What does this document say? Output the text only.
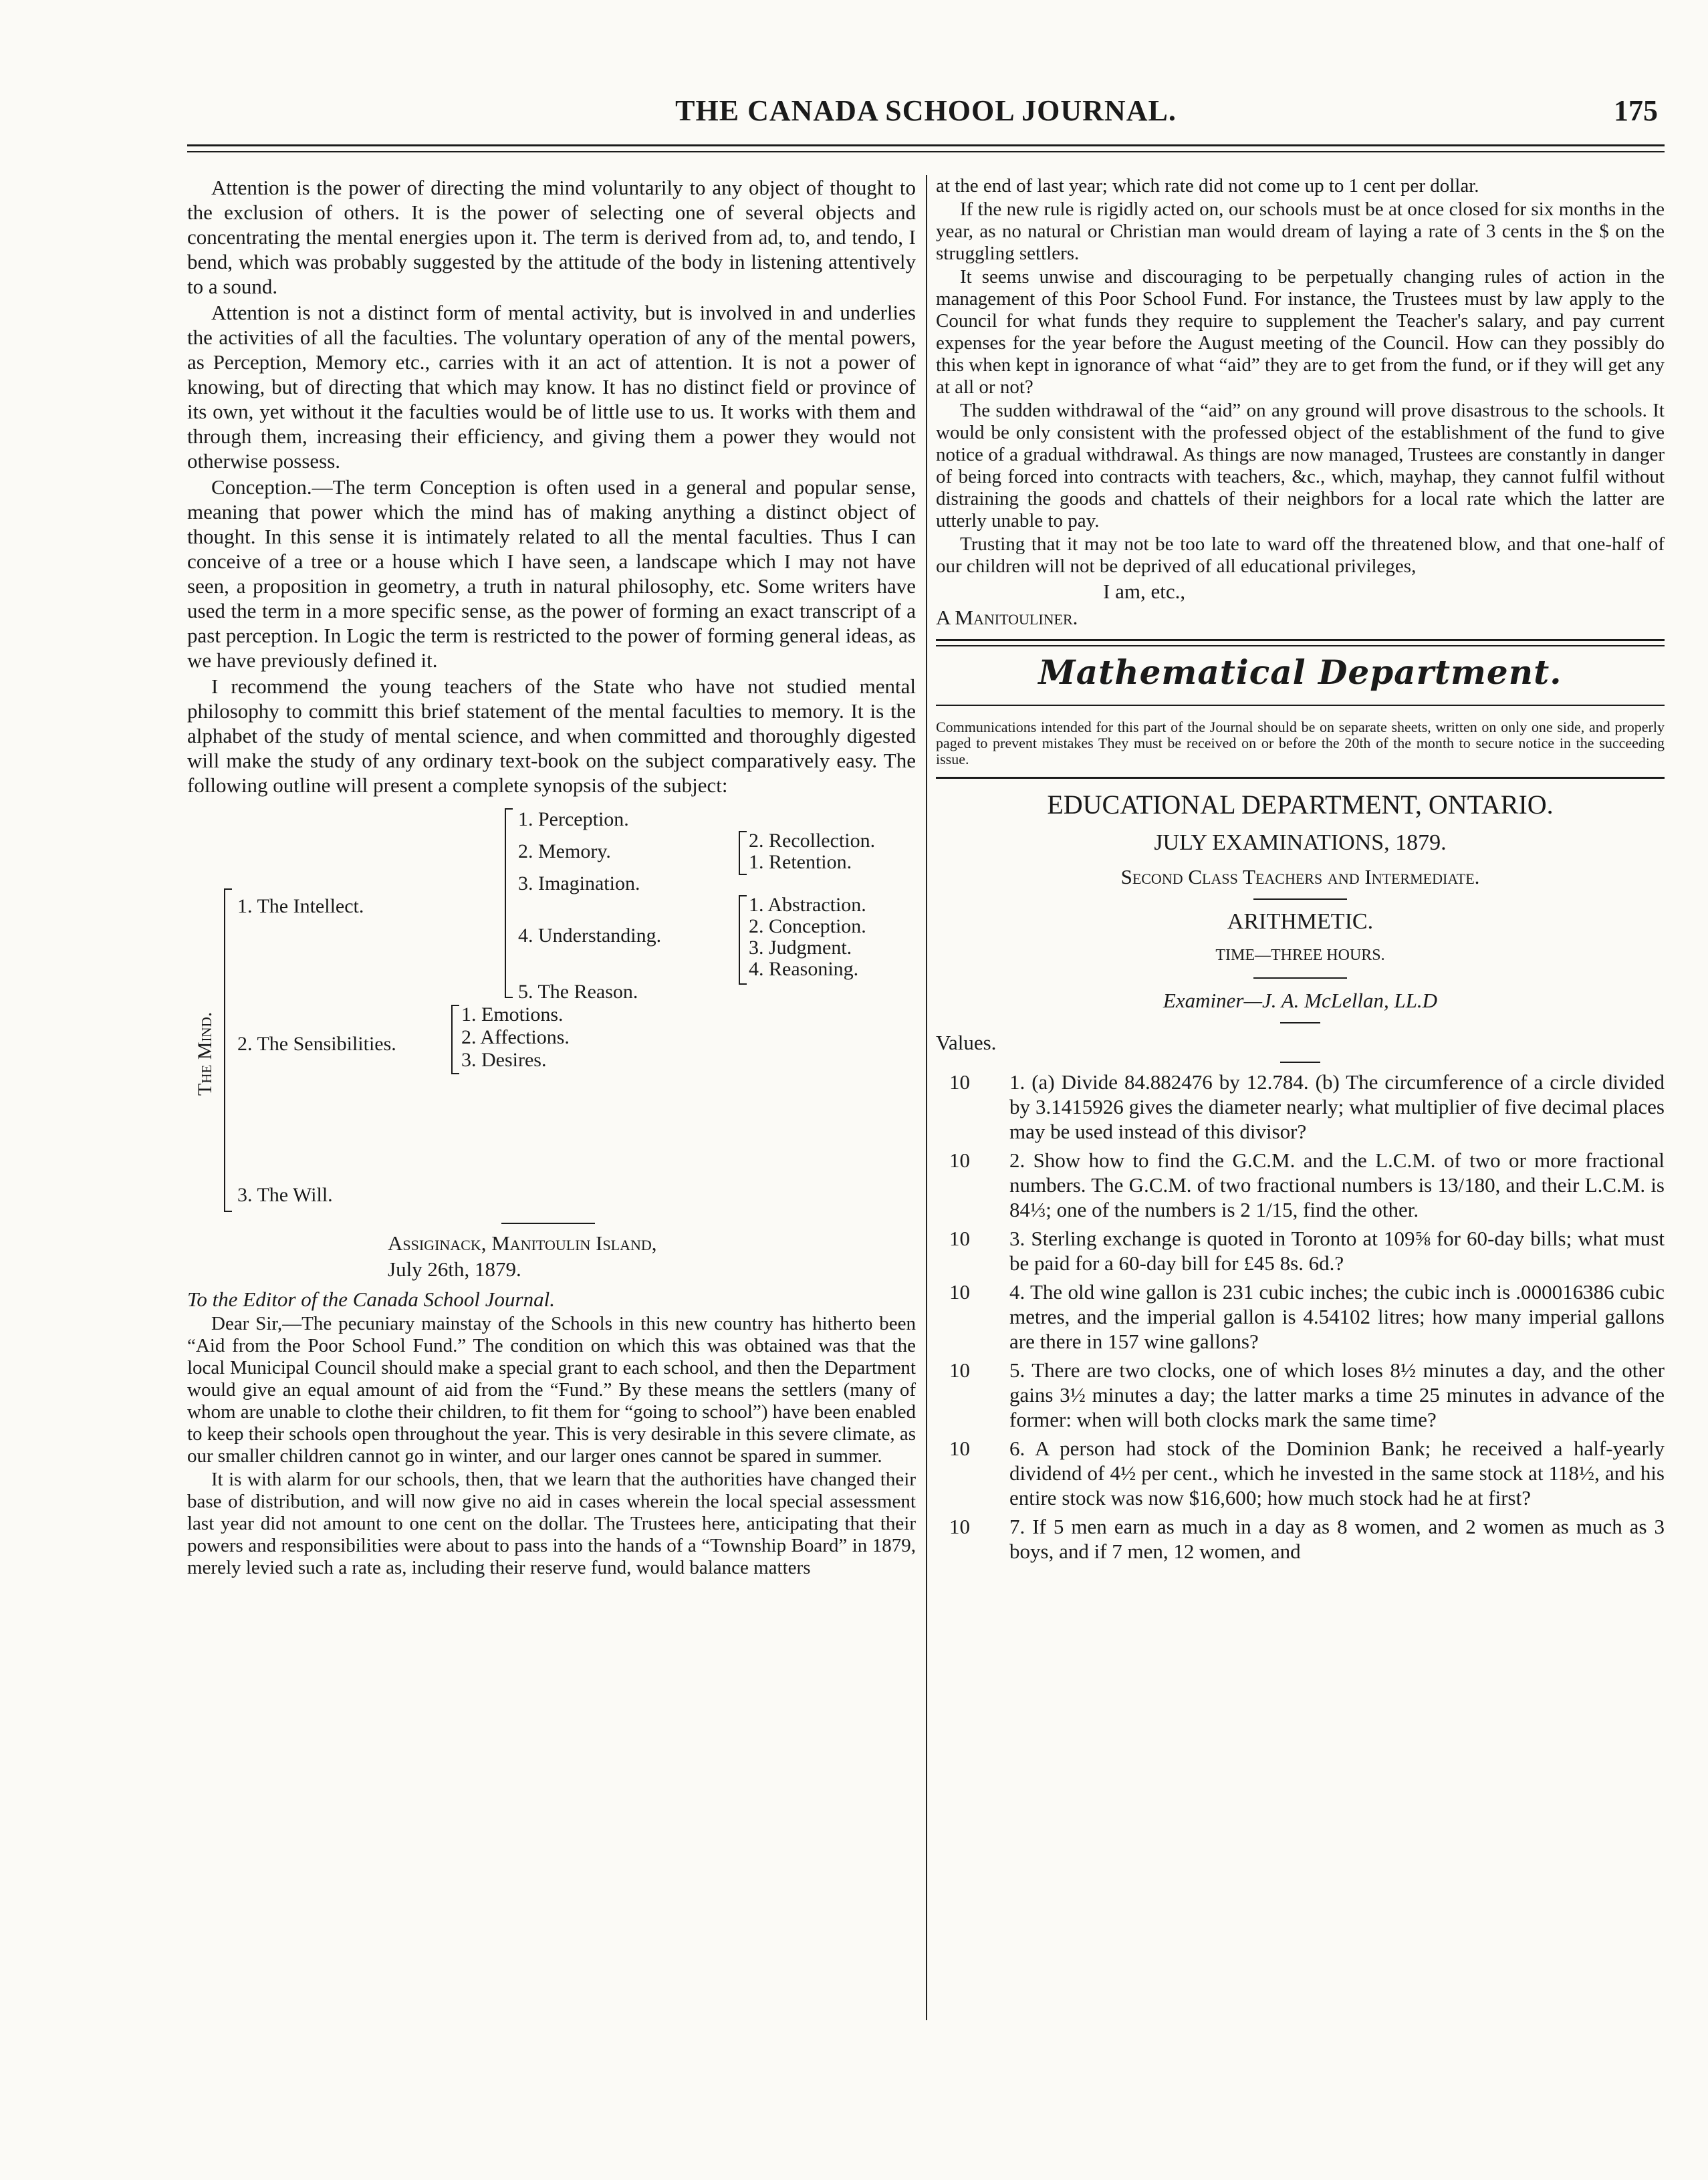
THE CANADA SCHOOL JOURNAL.	175

Attention is the power of directing the mind voluntarily to any object of thought to the exclusion of others. It is the power of selecting one of several objects and concentrating the mental energies upon it. The term is derived from ad, to, and tendo, I bend, which was probably suggested by the attitude of the body in listening attentively to a sound.

Attention is not a distinct form of mental activity, but is involved in and underlies the activities of all the faculties. The voluntary operation of any of the mental powers, as Perception, Memory etc., carries with it an act of attention. It is not a power of knowing, but of directing that which may know. It has no distinct field or province of its own, yet without it the faculties would be of little use to us. It works with them and through them, increasing their efficiency, and giving them a power they would not otherwise possess.

Conception.—The term Conception is often used in a general and popular sense, meaning that power which the mind has of making anything a distinct object of thought. In this sense it is intimately related to all the mental faculties. Thus I can conceive of a tree or a house which I have seen, a landscape which I may not have seen, a proposition in geometry, a truth in natural philosophy, etc. Some writers have used the term in a more specific sense, as the power of forming an exact transcript of a past perception. In Logic the term is restricted to the power of forming general ideas, as we have previously defined it.

I recommend the young teachers of the State who have not studied mental philosophy to committ this brief statement of the mental faculties to memory. It is the alphabet of the study of mental science, and when committed and thoroughly digested will make the study of any ordinary text-book on the subject comparatively easy. The following outline will present a complete synopsis of the subject:

The Mind.
1. The Intellect.
1. Perception.
2. Memory.	2. Recollection.
1. Retention.
3. Imagination.
4. Understanding.
1. Abstraction.
2. Conception.
3. Judgment.
4. Reasoning.
5. The Reason.
2. The Sensibilities.
1. Emotions.
2. Affections.
3. Desires.
3. The Will.

Assiginack, Manitoulin Island,

July 26th, 1879.

To the Editor of the Canada School Journal.

Dear Sir,—The pecuniary mainstay of the Schools in this new country has hitherto been “Aid from the Poor School Fund.” The condition on which this was obtained was that the local Municipal Council should make a special grant to each school, and then the Department would give an equal amount of aid from the “Fund.” By these means the settlers (many of whom are unable to clothe their children, to fit them for “going to school”) have been enabled to keep their schools open throughout the year. This is very desirable in this severe climate, as our smaller children cannot go in winter, and our larger ones cannot be spared in summer.

It is with alarm for our schools, then, that we learn that the authorities have changed their base of distribution, and will now give no aid in cases wherein the local special assessment last year did not amount to one cent on the dollar. The Trustees here, anticipating that their powers and responsibilities were about to pass into the hands of a “Township Board” in 1879, merely levied such a rate as, including their reserve fund, would balance matters

at the end of last year; which rate did not come up to 1 cent per dollar.

If the new rule is rigidly acted on, our schools must be at once closed for six months in the year, as no natural or Christian man would dream of laying a rate of 3 cents in the $ on the struggling settlers.

It seems unwise and discouraging to be perpetually changing rules of action in the management of this Poor School Fund. For instance, the Trustees must by law apply to the Council for what funds they require to supplement the Teacher's salary, and pay current expenses for the year before the August meeting of the Council. How can they possibly do this when kept in ignorance of what “aid” they are to get from the fund, or if they will get any at all or not?

The sudden withdrawal of the “aid” on any ground will prove disastrous to the schools. It would be only consistent with the professed object of the establishment of the fund to give notice of a gradual withdrawal. As things are now managed, Trustees are constantly in danger of being forced into contracts with teachers, &c., which, mayhap, they cannot fulfil without distraining the goods and chattels of their neighbors for a local rate which the latter are utterly unable to pay.

Trusting that it may not be too late to ward off the threatened blow, and that one-half of our children will not be deprived of all educational privileges,

I am, etc.,

A Manitouliner.

Mathematical Department.

Communications intended for this part of the Journal should be on separate sheets, written on only one side, and properly paged to prevent mistakes They must be received on or before the 20th of the month to secure notice in the succeeding issue.

EDUCATIONAL DEPARTMENT, ONTARIO.
JULY EXAMINATIONS, 1879.
Second Class Teachers and Intermediate.
ARITHMETIC.
TIME—THREE HOURS.
Examiner—J. A. McLellan, LL.D

Values.

10	1. (a) Divide 84.882476 by 12.784. (b) The circumference of a circle divided by 3.1415926 gives the diameter nearly; what multiplier of five decimal places may be used instead of this divisor?
10	2. Show how to find the G.C.M. and the L.C.M. of two or more fractional numbers. The G.C.M. of two fractional numbers is 13/180, and their L.C.M. is 84⅓; one of the numbers is 2 1/15, find the other.
10	3. Sterling exchange is quoted in Toronto at 109⅝ for 60-day bills; what must be paid for a 60-day bill for £45 8s. 6d.?
10	4. The old wine gallon is 231 cubic inches; the cubic inch is .000016386 cubic metres, and the imperial gallon is 4.54102 litres; how many imperial gallons are there in 157 wine gallons?
10	5. There are two clocks, one of which loses 8½ minutes a day, and the other gains 3½ minutes a day; the latter marks a time 25 minutes in advance of the former: when will both clocks mark the same time?
10	6. A person had stock of the Dominion Bank; he received a half-yearly dividend of 4½ per cent., which he invested in the same stock at 118½, and his entire stock was now $16,600; how much stock had he at first?
10	7. If 5 men earn as much in a day as 8 women, and 2 women as much as 3 boys, and if 7 men, 12 women, and
